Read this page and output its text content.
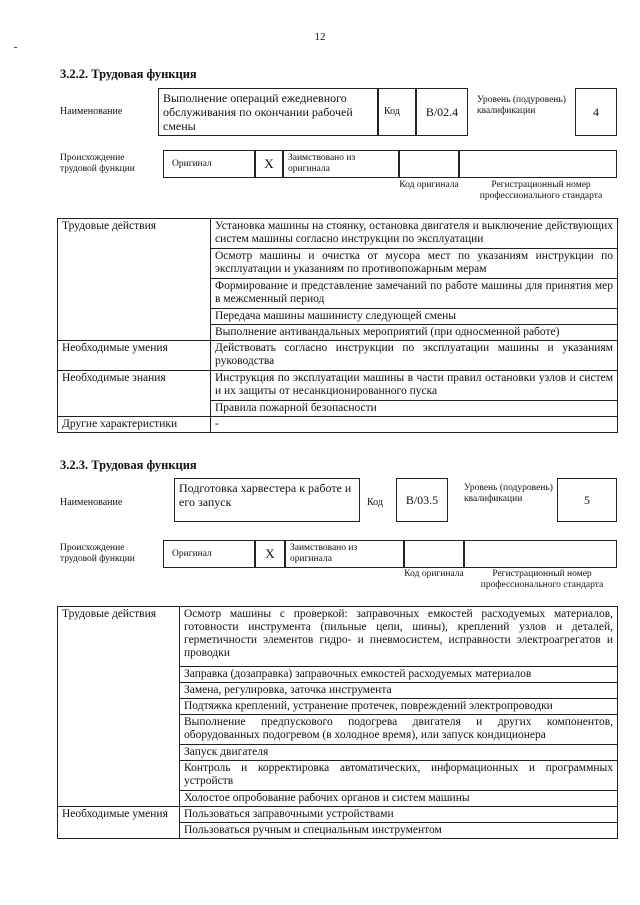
12
3.2.2. Трудовая функция
Наименование
Выполнение операций ежедневного обслуживания по окончании рабочей смены
Код	B/02.4
Уровень (подуровень) квалификации	4
Происхождение трудовой функции
Оригинал	X	Заимствовано из оригинала
Код оригинала	Регистрационный номер профессионального стандарта
Трудовые действия	Установка машины на стоянку, остановка двигателя и выключение действующих систем машины согласно инструкции по эксплуатации
	Осмотр машины и очистка от мусора мест по указаниям инструкции по эксплуатации и указаниям по противопожарным мерам
	Формирование и представление замечаний по работе машины для принятия мер в межсменный период
	Передача машины машинисту следующей смены
	Выполнение антивандальных мероприятий (при односменной работе)
Необходимые умения	Действовать согласно инструкции по эксплуатации машины и указаниям руководства
Необходимые знания	Инструкция по эксплуатации машины в части правил остановки узлов и систем и их защиты от несанкционированного пуска
	Правила пожарной безопасности
Другие характеристики	-
3.2.3. Трудовая функция
Наименование
Подготовка харвестера к работе и его запуск	Код	B/03.5
Уровень (подуровень) квалификации	5
Происхождение трудовой функции
Оригинал	X	Заимствовано из оригинала
Код оригинала	Регистрационный номер профессионального стандарта
Трудовые действия	Осмотр машины с проверкой: заправочных емкостей расходуемых материалов, готовности инструмента (пильные цепи, шины), креплений узлов и деталей, герметичности элементов гидро- и пневмосистем, исправности электроагрегатов и проводки
	Заправка (дозаправка) заправочных емкостей расходуемых материалов
	Замена, регулировка, заточка инструмента
	Подтяжка креплений, устранение протечек, повреждений электропроводки
	Выполнение предпускового подогрева двигателя и других компонентов, оборудованных подогревом (в холодное время), или запуск кондиционера
	Запуск двигателя
	Контроль и корректировка автоматических, информационных и программных устройств
	Холостое опробование рабочих органов и систем машины
Необходимые умения	Пользоваться заправочными устройствами
	Пользоваться ручным и специальным инструментом
